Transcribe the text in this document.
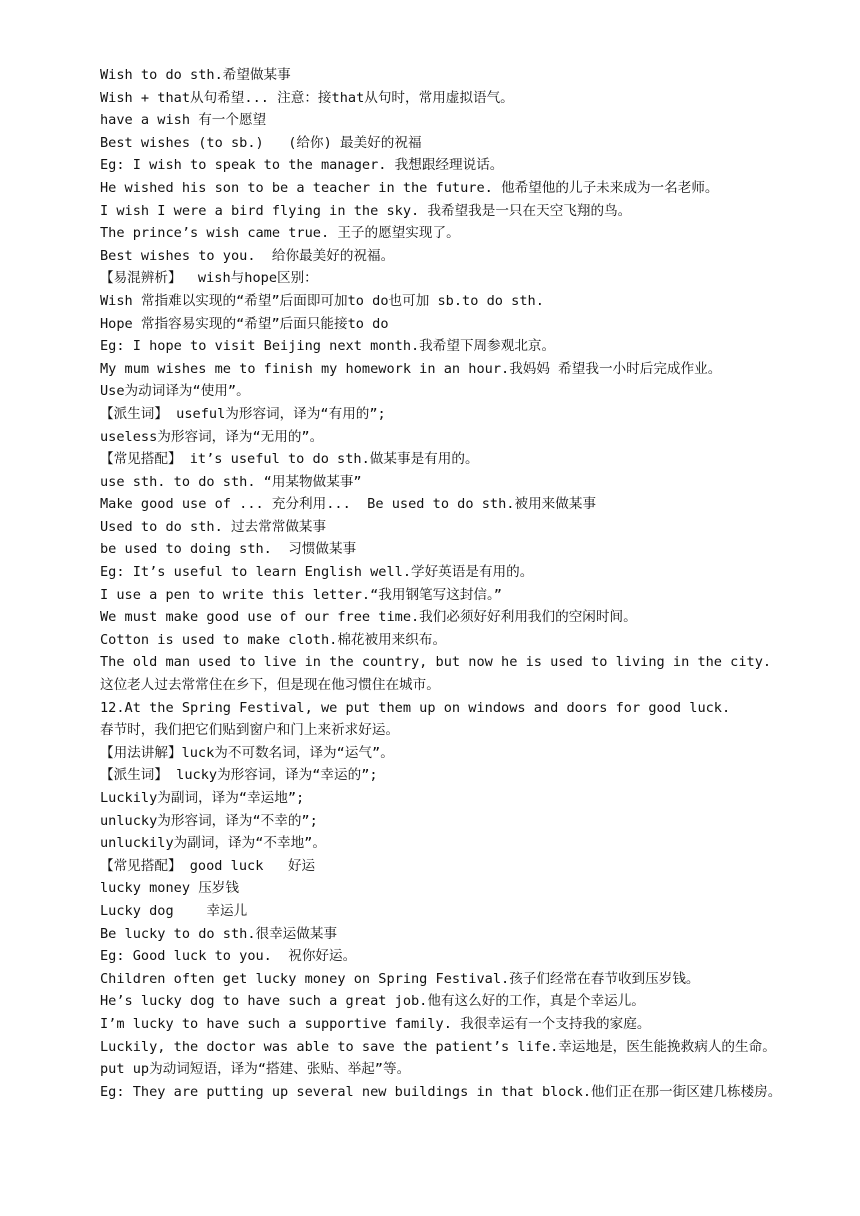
Wish to do sth.希望做某事
Wish + that从句希望... 注意：接that从句时，常用虚拟语气。
have a wish 有一个愿望
Best wishes (to sb.)   (给你) 最美好的祝福
Eg: I wish to speak to the manager. 我想跟经理说话。
He wished his son to be a teacher in the future. 他希望他的儿子未来成为一名老师。
I wish I were a bird flying in the sky. 我希望我是一只在天空飞翔的鸟。
The prince’s wish came true. 王子的愿望实现了。
Best wishes to you.  给你最美好的祝福。
【易混辨析】  wish与hope区别：
Wish 常指难以实现的“希望”后面即可加to do也可加 sb.to do sth.
Hope 常指容易实现的“希望”后面只能接to do
Eg: I hope to visit Beijing next month.我希望下周参观北京。
My mum wishes me to finish my homework in an hour.我妈妈 希望我一小时后完成作业。
Use为动词译为“使用”。
【派生词】 useful为形容词，译为“有用的”;
useless为形容词，译为“无用的”。
【常见搭配】 it’s useful to do sth.做某事是有用的。
use sth. to do sth. “用某物做某事”
Make good use of ... 充分利用...  Be used to do sth.被用来做某事
Used to do sth. 过去常常做某事
be used to doing sth.  习惯做某事
Eg: It’s useful to learn English well.学好英语是有用的。
I use a pen to write this letter.“我用钢笔写这封信。”
We must make good use of our free time.我们必须好好利用我们的空闲时间。
Cotton is used to make cloth.棉花被用来织布。
The old man used to live in the country, but now he is used to living in the city.
这位老人过去常常住在乡下，但是现在他习惯住在城市。
12.At the Spring Festival, we put them up on windows and doors for good luck.
春节时，我们把它们贴到窗户和门上来祈求好运。
【用法讲解】luck为不可数名词，译为“运气”。
【派生词】 lucky为形容词，译为“幸运的”;
Luckily为副词，译为“幸运地”;
unlucky为形容词，译为“不幸的”;
unluckily为副词，译为“不幸地”。
【常见搭配】 good luck   好运
lucky money 压岁钱
Lucky dog    幸运儿
Be lucky to do sth.很幸运做某事
Eg: Good luck to you.  祝你好运。
Children often get lucky money on Spring Festival.孩子们经常在春节收到压岁钱。
He’s lucky dog to have such a great job.他有这么好的工作，真是个幸运儿。
I’m lucky to have such a supportive family. 我很幸运有一个支持我的家庭。
Luckily, the doctor was able to save the patient’s life.幸运地是，医生能挽救病人的生命。
put up为动词短语，译为“搭建、张贴、举起”等。
Eg: They are putting up several new buildings in that block.他们正在那一街区建几栋楼房。
